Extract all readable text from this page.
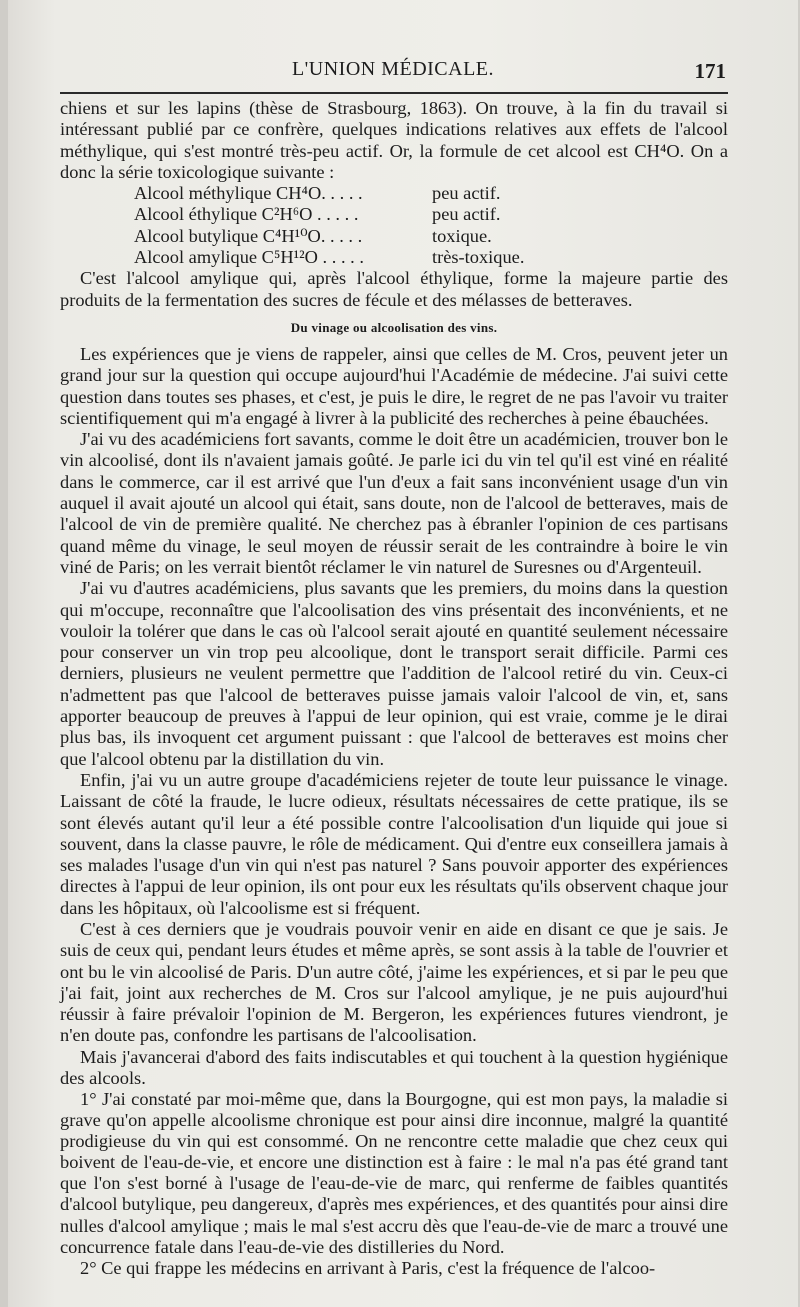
L'UNION MÉDICALE.	171

chiens et sur les lapins (thèse de Strasbourg, 1863). On trouve, à la fin du travail si intéressant publié par ce confrère, quelques indications relatives aux effets de l'alcool méthylique, qui s'est montré très-peu actif. Or, la formule de cet alcool est CH⁴O. On a donc la série toxicologique suivante :

Alcool méthylique CH⁴O. . . . .	peu actif.
Alcool éthylique C²H⁶O . . . . .	peu actif.
Alcool butylique C⁴H¹⁰O. . . . .	toxique.
Alcool amylique C⁵H¹²O . . . . .	très-toxique.

C'est l'alcool amylique qui, après l'alcool éthylique, forme la majeure partie des produits de la fermentation des sucres de fécule et des mélasses de betteraves.

Du vinage ou alcoolisation des vins.

Les expériences que je viens de rappeler, ainsi que celles de M. Cros, peuvent jeter un grand jour sur la question qui occupe aujourd'hui l'Académie de médecine. J'ai suivi cette question dans toutes ses phases, et c'est, je puis le dire, le regret de ne pas l'avoir vu traiter scientifiquement qui m'a engagé à livrer à la publicité des recherches à peine ébauchées.

J'ai vu des académiciens fort savants, comme le doit être un académicien, trouver bon le vin alcoolisé, dont ils n'avaient jamais goûté. Je parle ici du vin tel qu'il est viné en réalité dans le commerce, car il est arrivé que l'un d'eux a fait sans inconvénient usage d'un vin auquel il avait ajouté un alcool qui était, sans doute, non de l'alcool de betteraves, mais de l'alcool de vin de première qualité. Ne cherchez pas à ébranler l'opinion de ces partisans quand même du vinage, le seul moyen de réussir serait de les contraindre à boire le vin viné de Paris; on les verrait bientôt réclamer le vin naturel de Suresnes ou d'Argenteuil.

J'ai vu d'autres académiciens, plus savants que les premiers, du moins dans la question qui m'occupe, reconnaître que l'alcoolisation des vins présentait des inconvénients, et ne vouloir la tolérer que dans le cas où l'alcool serait ajouté en quantité seulement nécessaire pour conserver un vin trop peu alcoolique, dont le transport serait difficile. Parmi ces derniers, plusieurs ne veulent permettre que l'addition de l'alcool retiré du vin. Ceux-ci n'admettent pas que l'alcool de betteraves puisse jamais valoir l'alcool de vin, et, sans apporter beaucoup de preuves à l'appui de leur opinion, qui est vraie, comme je le dirai plus bas, ils invoquent cet argument puissant : que l'alcool de betteraves est moins cher que l'alcool obtenu par la distillation du vin.

Enfin, j'ai vu un autre groupe d'académiciens rejeter de toute leur puissance le vinage. Laissant de côté la fraude, le lucre odieux, résultats nécessaires de cette pratique, ils se sont élevés autant qu'il leur a été possible contre l'alcoolisation d'un liquide qui joue si souvent, dans la classe pauvre, le rôle de médicament. Qui d'entre eux conseillera jamais à ses malades l'usage d'un vin qui n'est pas naturel ? Sans pouvoir apporter des expériences directes à l'appui de leur opinion, ils ont pour eux les résultats qu'ils observent chaque jour dans les hôpitaux, où l'alcoolisme est si fréquent.

C'est à ces derniers que je voudrais pouvoir venir en aide en disant ce que je sais. Je suis de ceux qui, pendant leurs études et même après, se sont assis à la table de l'ouvrier et ont bu le vin alcoolisé de Paris. D'un autre côté, j'aime les expériences, et si par le peu que j'ai fait, joint aux recherches de M. Cros sur l'alcool amylique, je ne puis aujourd'hui réussir à faire prévaloir l'opinion de M. Bergeron, les expériences futures viendront, je n'en doute pas, confondre les partisans de l'alcoolisation.

Mais j'avancerai d'abord des faits indiscutables et qui touchent à la question hygiénique des alcools.

1° J'ai constaté par moi-même que, dans la Bourgogne, qui est mon pays, la maladie si grave qu'on appelle alcoolisme chronique est pour ainsi dire inconnue, malgré la quantité prodigieuse du vin qui est consommé. On ne rencontre cette maladie que chez ceux qui boivent de l'eau-de-vie, et encore une distinction est à faire : le mal n'a pas été grand tant que l'on s'est borné à l'usage de l'eau-de-vie de marc, qui renferme de faibles quantités d'alcool butylique, peu dangereux, d'après mes expériences, et des quantités pour ainsi dire nulles d'alcool amylique ; mais le mal s'est accru dès que l'eau-de-vie de marc a trouvé une concurrence fatale dans l'eau-de-vie des distilleries du Nord.

2° Ce qui frappe les médecins en arrivant à Paris, c'est la fréquence de l'alcoo-
